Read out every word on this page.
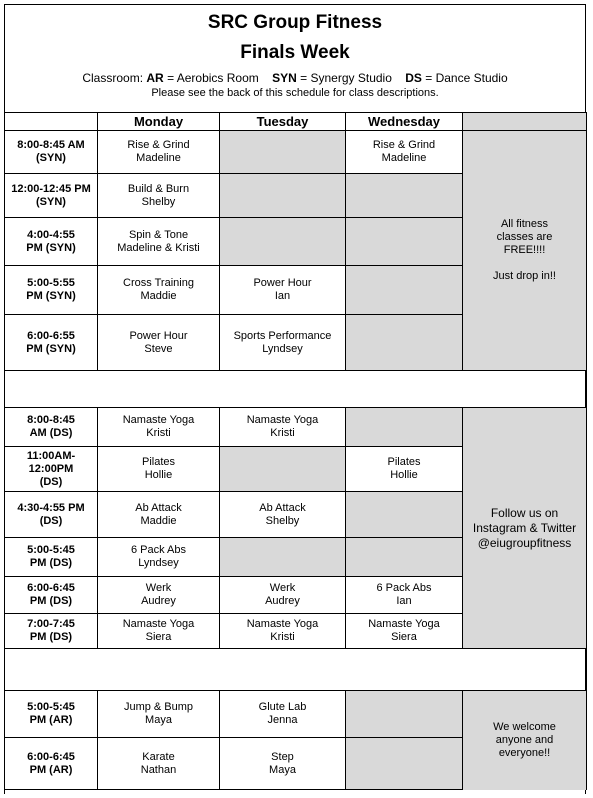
SRC Group Fitness
Finals Week
Classroom: AR = Aerobics Room SYN = Synergy Studio DS = Dance Studio
Please see the back of this schedule for class descriptions.
	Monday	Tuesday	Wednesday	

8:00-8:45 AM
(SYN)	Rise & Grind
Madeline		Rise & Grind
Madeline	All fitness
classes are
FREE!!!!

Just drop in!!

12:00-12:45 PM
(SYN)	Build & Burn
Shelby			

4:00-4:55
PM (SYN)	Spin & Tone
Madeline & Kristi			

5:00-5:55
PM (SYN)	Cross Training
Maddie	Power Hour
Ian		

6:00-6:55
PM (SYN)	Power Hour
Steve	Sports Performance
Lyndsey		

8:00-8:45
AM (DS)	Namaste Yoga
Kristi	Namaste Yoga
Kristi		Follow us on
Instagram & Twitter
@eiugroupfitness

11:00AM-12:00PM
(DS)	Pilates
Hollie		Pilates
Hollie	

4:30-4:55 PM (DS)	Ab Attack
Maddie	Ab Attack
Shelby		

5:00-5:45
PM (DS)	6 Pack Abs
Lyndsey			

6:00-6:45
PM (DS)	Werk
Audrey	Werk
Audrey	6 Pack Abs
Ian	

7:00-7:45
PM (DS)	Namaste Yoga
Siera	Namaste Yoga
Kristi	Namaste Yoga
Siera	

5:00-5:45
PM (AR)	Jump & Bump
Maya	Glute Lab
Jenna		We welcome
anyone and
everyone!!

6:00-6:45
PM (AR)	Karate
Nathan	Step
Maya		
